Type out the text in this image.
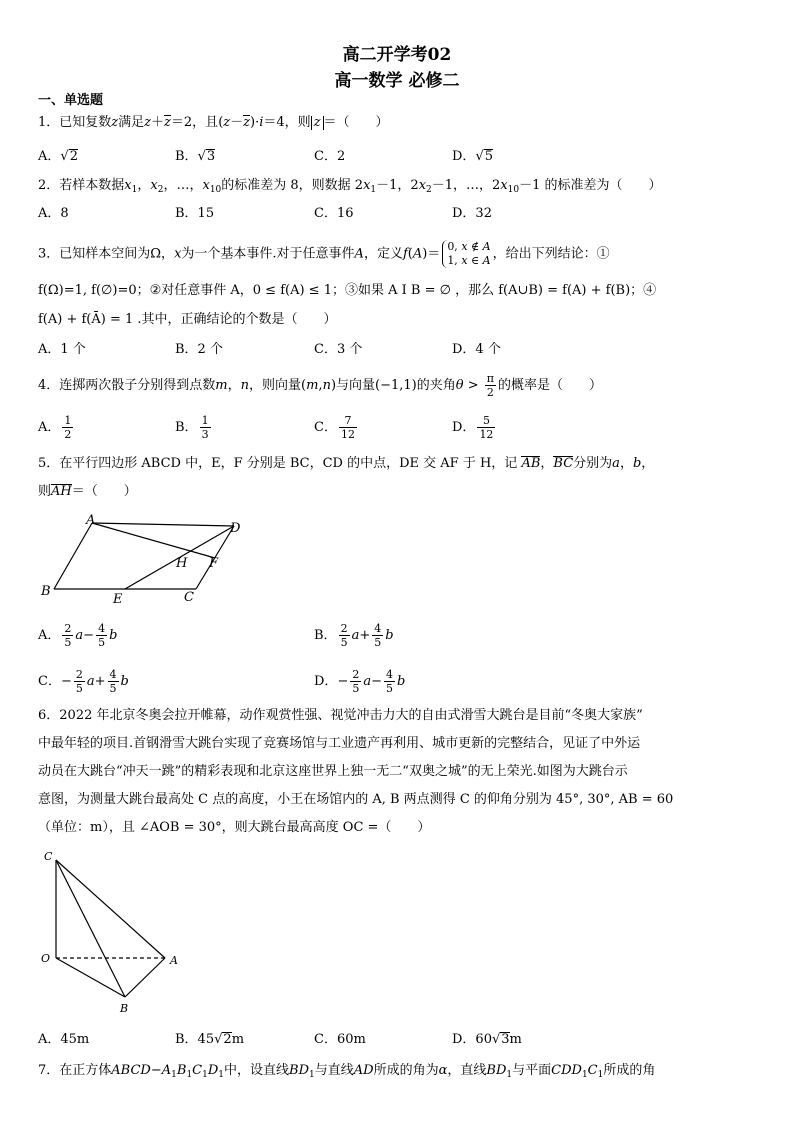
高二开学考02
高一数学 必修二
一、单选题
1．已知复数z满足z＋z＝2，且(z－z)·i＝4，则 z ＝（　　）
A．√2	B．√3	C．2	D．√5
2．若样本数据$x_1$，$x_2$，…，$x_{10}$的标准差为 8，则数据 $2x_1-1$，$2x_2-1$，…，$2x_{10}-1$ 的标准差为（　　）
A．8	B．15	C．16	D．32
3．已知样本空间为Ω，x为一个基本事件.对于任意事件A，定义f(A)＝ 0, x ∉ A
1, x ∈ A ，给出下列结论：①
f(Ω)=1, f(∅)=0；②对任意事件 A，0 ≤ f(A) ≤ 1；③如果 A I B = ∅ ，那么 f(A∪B) = f(A) + f(B)；④
f(A) + f(Ā) = 1 .其中，正确结论的个数是（　　）
A．1 个	B．2 个	C．3 个	D．4 个
4．连掷两次骰子分别得到点数m，n，则向量(m,n)与向量(−1,1)的夹角$\theta > \frac{\pi}{2}$ 的概率是（　　）
A． $\frac{1}{2}$	B． $\frac{1}{3}$	C． $\frac{7}{12}$	D． $\frac{5}{12}$
5．在平行四边形 ABCD 中，E，F 分别是 BC，CD 的中点，DE 交 AF 于 H，记 AB，BC分别为a，b，
则AH＝（　　）
A
D
H F
B
E	C
A． $\frac{2}{5} a- \frac{4}{5}$ b	B． $\frac{2}{5} a+ \frac{4}{5}$ b
C．− $\frac{2}{5} a+ \frac{4}{5}$ b	D．− $\frac{2}{5} a- \frac{4}{5}$ b
6．2022 年北京冬奥会拉开帷幕，动作观赏性强、视觉冲击力大的自由式滑雪大跳台是目前“冬奥大家族”
中最年轻的项目.首钢滑雪大跳台实现了竞赛场馆与工业遗产再利用、城市更新的完整结合，见证了中外运
动员在大跳台“冲天一跳”的精彩表现和北京这座世界上独一无二“双奥之城”的无上荣光.如图为大跳台示
意图，为测量大跳台最高处 C 点的高度，小王在场馆内的 A, B 两点测得 C 的仰角分别为 45°, 30°, AB = 60
（单位：m），且 ∠AOB = 30°，则大跳台最高高度 OC =（　　）
C
O	A
B
A．45m	B．45√2m	C．60m	D．60√3m
7．在正方体$ABCD-A_1B_1C_1D_1$中，设直线$BD_1$与直线AD所成的角为α，直线$BD_1$与平面$CDD_1C_1$所成的角
